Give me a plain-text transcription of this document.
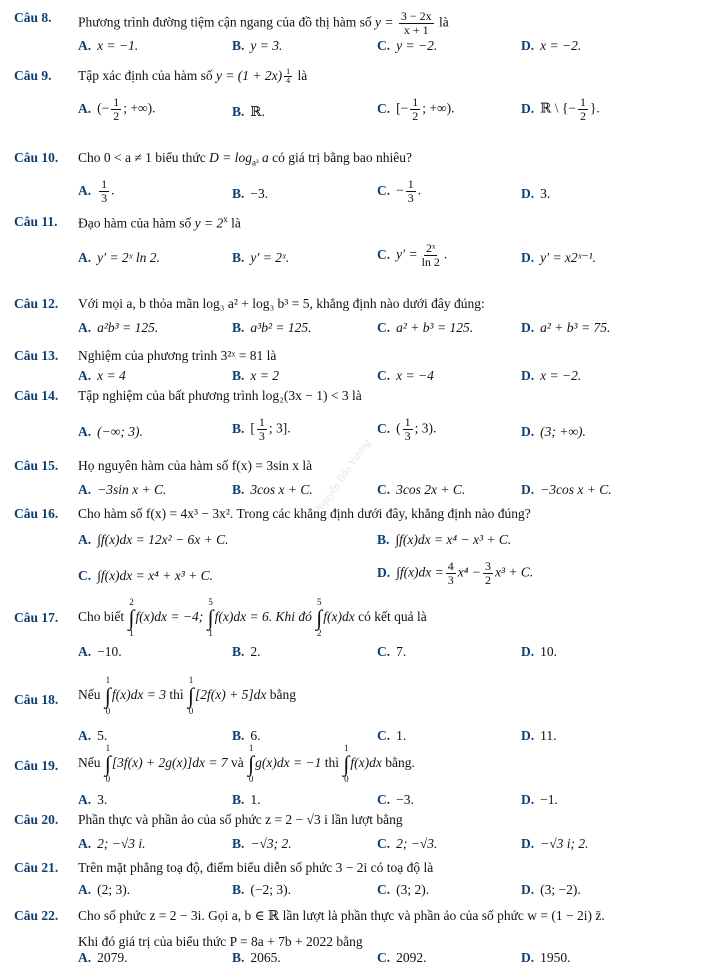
Nguyễn Bảo Vương
Câu 8. Phương trình đường tiệm cận ngang của đồ thị hàm số $y = \frac{3 - 2x}{x + 1}$ là
A. x = −1.	B. y = 3.	C. y = −2.	D. x = −2.
Câu 9. Tập xác định của hàm số $y = (1 + 2x) \frac{1}{4}$ là
A. (− $\frac{1}{2}$ ; +∞).	B. ℝ.	C. [− $\frac{1}{2}$ ; +∞).	D. ℝ \ {− $\frac{1}{2}$ }.
Câu 10. Cho 0 < a ≠ 1 biểu thức $D = \log_{a^3} a$ có giá trị bằng bao nhiêu?
A. $\frac{1}{3}$ .	B. −3.	C. − $\frac{1}{3}$ .	D. 3.
Câu 11. Đạo hàm của hàm số $y = 2^x$ là
A. y′ = 2ˣ ln 2.	B. y′ = 2ˣ.	C. $y' = \frac{\text{2ˣ}}{\ln 2}$ .	D. y′ = x2ˣ⁻¹.
Câu 12. Với mọi a, b thỏa mãn log₃ a² + log₃ b³ = 5, khẳng định nào dưới đây đúng:
A. a²b³ = 125.	B. a³b² = 125.	C. a² + b³ = 125.	D. a² + b³ = 75.
Câu 13. Nghiệm của phương trình 3²ˣ = 81 là
A. x = 4	B. x = 2	C. x = −4	D. x = −2.
Câu 14. Tập nghiệm của bất phương trình log₂(3x − 1) < 3 là
A. (−∞; 3).	B. [ $\frac{1}{3}$ ; 3].	C. ( $\frac{1}{3}$ ; 3).	D. (3; +∞).
Câu 15. Họ nguyên hàm của hàm số f(x) = 3sin x là
A. −3sin x + C.	B. 3cos x + C.	C. 3cos 2x + C.	D. −3cos x + C.
Câu 16. Cho hàm số f(x) = 4x³ − 3x². Trong các khẳng định dưới đây, khẳng định nào đúng?
A. ∫f(x)dx = 12x² − 6x + C.	B. ∫f(x)dx = x⁴ − x³ + C.
C. ∫f(x)dx = x⁴ + x³ + C.	D. $\int f(x)dx = \frac{4}{3} x^4 - \frac{3}{2} x^3 + C$.
Câu 17. Cho biết
2
∫
1
f(x)dx = −4;
5
∫
1
f(x)dx = 6. Khi đó
5
∫
2
f(x)dx có kết quả là
A. −10.	B. 2.	C. 7.	D. 10.
Câu 18. Nếu
1
∫
0
f(x)dx = 3 thì
1
∫
0
[2f(x) + 5]dx bằng
A. 5.	B. 6.	C. 1.	D. 11.
Câu 19. Nếu
1
∫
0
[3f(x) + 2g(x)]dx = 7 và
1
∫
0
g(x)dx = −1 thì
1
∫
0
f(x)dx bằng.
A. 3.	B. 1.	C. −3.	D. −1.
Câu 20. Phần thực và phần ảo của số phức z = 2 − √3 i lần lượt bằng
A. 2; −√3 i.	B. −√3; 2.	C. 2; −√3.	D. −√3 i; 2.
Câu 21. Trên mặt phẳng toạ độ, điểm biểu diễn số phức 3 − 2i có toạ độ là
A. (2; 3).	B. (−2; 3).	C. (3; 2).	D. (3; −2).
Câu 22. Cho số phức z = 2 − 3i. Gọi a, b ∈ ℝ lần lượt là phần thực và phần ảo của số phức w = (1 − 2i) z̄.
Khi đó giá trị của biểu thức P = 8a + 7b + 2022 bằng
A. 2079.	B. 2065.	C. 2092.	D. 1950.
